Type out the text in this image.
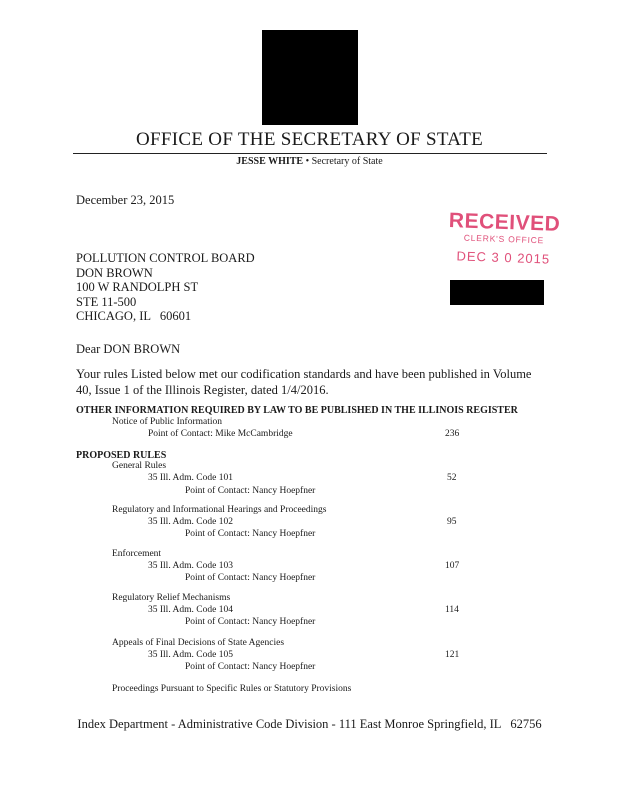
OFFICE OF THE SECRETARY OF STATE
JESSE WHITE • Secretary of State
December 23, 2015
RECEIVED
CLERK'S OFFICE
DEC 3 0 2015
POLLUTION CONTROL BOARD
DON BROWN
100 W RANDOLPH ST
STE 11-500
CHICAGO, IL   60601
Dear DON BROWN
Your rules Listed below met our codification standards and have been published in Volume 40, Issue 1 of the Illinois Register, dated 1/4/2016.
OTHER INFORMATION REQUIRED BY LAW TO BE PUBLISHED IN THE ILLINOIS REGISTER
Notice of Public Information
Point of Contact: Mike McCambridge	236
PROPOSED RULES
General Rules
35 Ill. Adm. Code 101	52
Point of Contact: Nancy Hoepfner
Regulatory and Informational Hearings and Proceedings
35 Ill. Adm. Code 102	95
Point of Contact: Nancy Hoepfner
Enforcement
35 Ill. Adm. Code 103	107
Point of Contact: Nancy Hoepfner
Regulatory Relief Mechanisms
35 Ill. Adm. Code 104	114
Point of Contact: Nancy Hoepfner
Appeals of Final Decisions of State Agencies
35 Ill. Adm. Code 105	121
Point of Contact: Nancy Hoepfner
Proceedings Pursuant to Specific Rules or Statutory Provisions
Index Department - Administrative Code Division - 111 East Monroe Springfield, IL   62756
